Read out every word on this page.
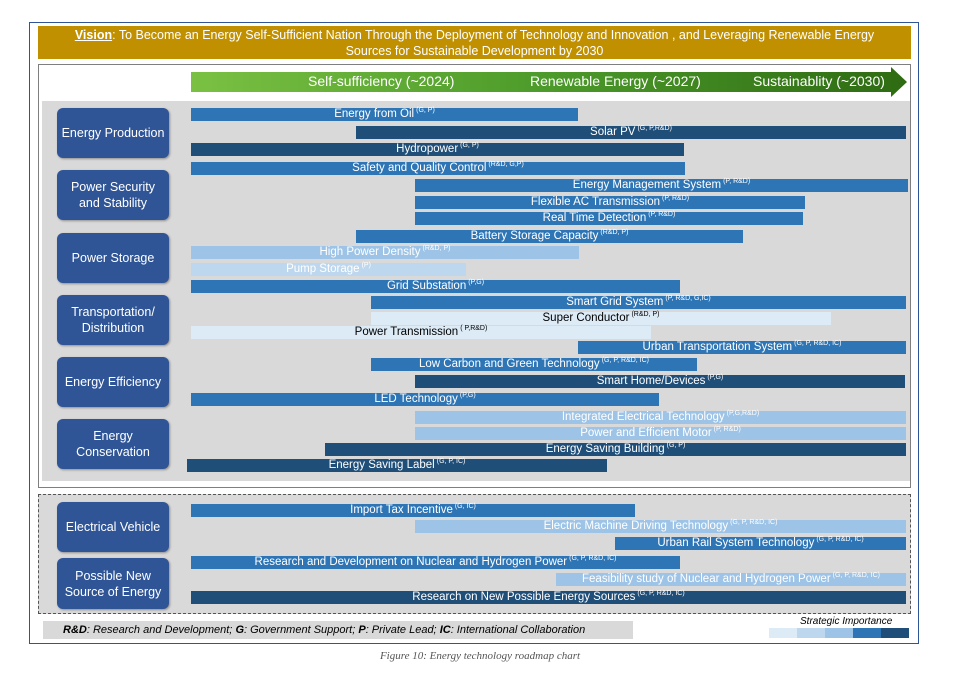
Vision: To Become an Energy Self-Sufficient Nation Through the Deployment of Technology and Innovation , and Leveraging Renewable Energy
Sources for Sustainable Development by 2030
Self-sufficiency (~2024)	Renewable Energy (~2027)	Sustainablity (~2030)
Energy Production
Power Security and Stability
Power Storage
Transportation/ Distribution
Energy Efficiency
Energy Conservation
Electrical Vehicle
Possible New Source of Energy
Energy from Oil $^{(G, P)}$
Solar PV $^{(G, P,R\&D)}$
Hydropower $^{(G, P)}$
Safety and Quality Control $^{(R\&D, G,P)}$
Energy Management System $^{(P, R\&D)}$
Flexible AC Transmission $^{(P, R\&D)}$
Real Time Detection $^{(P, R\&D)}$
Battery Storage Capacity $^{(R\&D, P)}$
High Power Density $^{(R\&D, P)}$
Pump Storage $^{(P)}$
Grid Substation $^{(P,G)}$
Smart Grid System $^{(P, R\&D, G,IC)}$
Super Conductor $^{(R\&D, P)}$
Power Transmission $^{( P,R\&D)}$
Urban Transportation System $^{(G, P, R\&D, IC)}$
Low Carbon and Green Technology $^{(G, P, R\&D, IC)}$
Smart Home/Devices $^{(P,G)}$
LED Technology $^{(P,G)}$
Integrated Electrical Technology $^{(P,G,R\&D)}$
Power and Efficient Motor $^{(P, R\&D)}$
Energy Saving Building $^{(G, P)}$
Energy Saving Label $^{(G, P, IC)}$
Import Tax Incentive $^{(G, IC)}$
Electric Machine Driving Technology $^{(G, P, R\&D, IC)}$
Urban Rail System Technology $^{(G, P, R\&D, IC)}$
Research and Development on Nuclear and Hydrogen Power $^{(G, P, R\&D, IC)}$
Feasibility study of Nuclear and Hydrogen Power $^{(G, P, R\&D, IC)}$
Research on New Possible Energy Sources $^{(G, P, R\&D, IC)}$
R&D: Research and Development; G: Government Support; P: Private Lead; IC: International Collaboration
Strategic Importance
Figure 10: Energy technology roadmap chart
